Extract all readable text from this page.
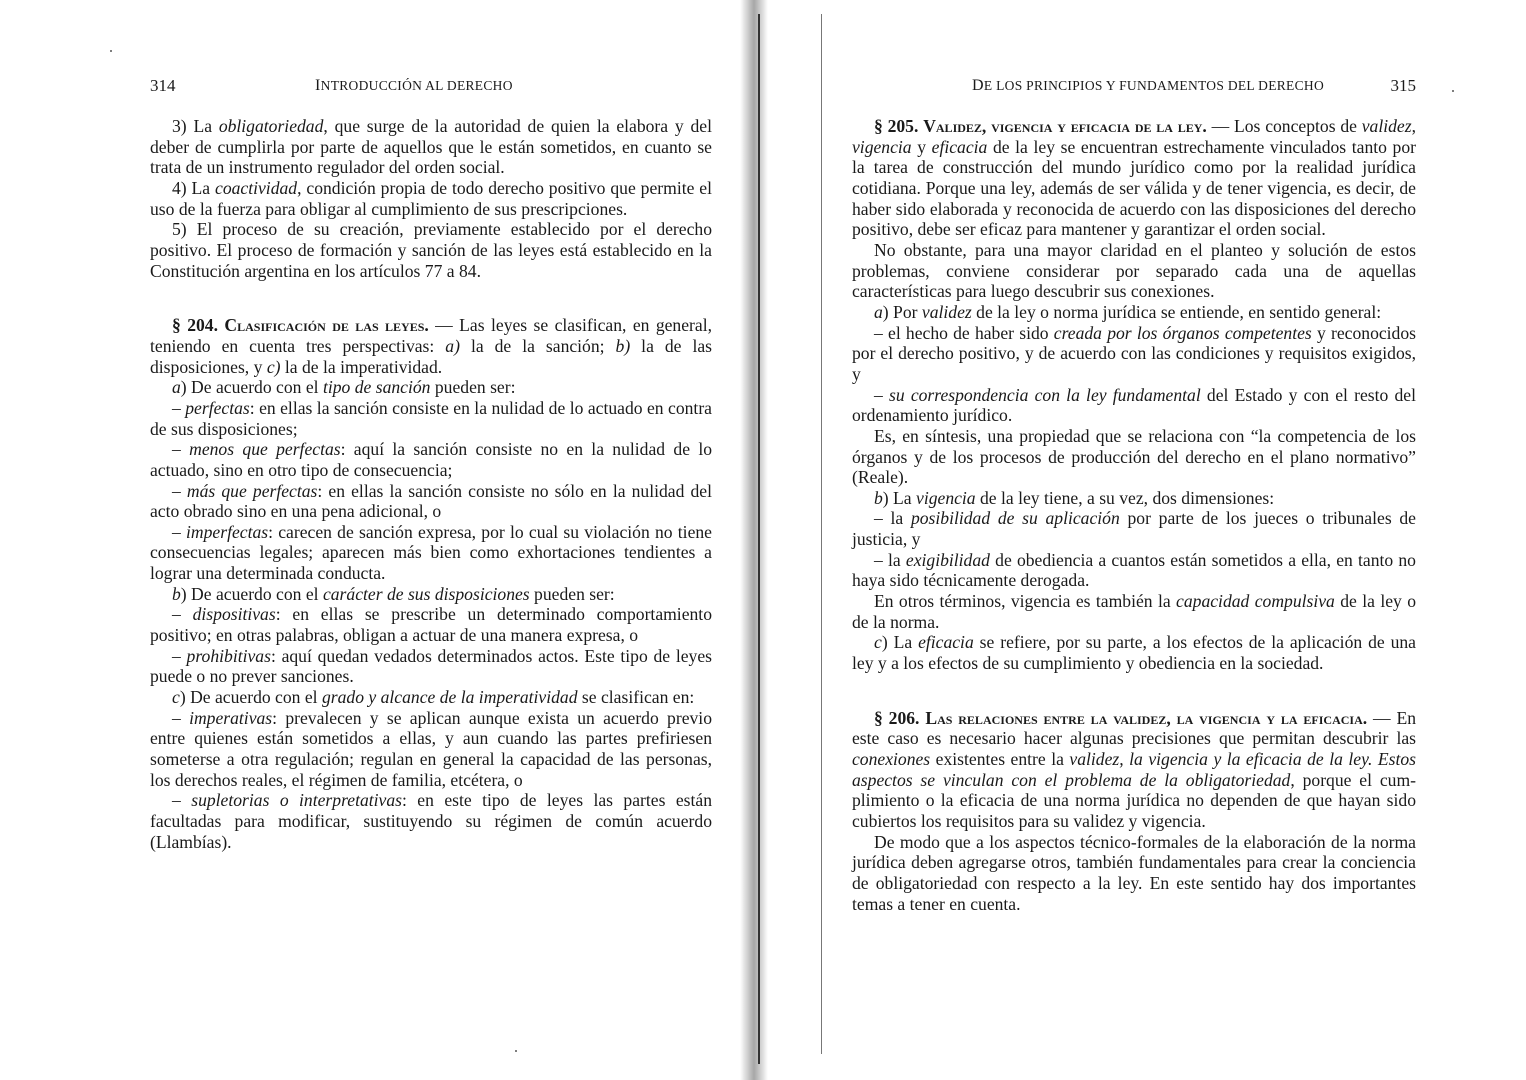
314	INTRODUCCIÓN AL DERECHO

3) La obligatoriedad, que surge de la autoridad de quien la elabora y del deber de cumplirla por parte de aquellos que le están sometidos, en cuanto se trata de un instrumento regulador del orden social.

4) La coactividad, condición propia de todo derecho positivo que permite el uso de la fuerza para obligar al cumplimiento de sus prescripciones.

5) El proceso de su creación, previamente establecido por el derecho positivo. El proceso de formación y sanción de las leyes está establecido en la Constitución argentina en los artículos 77 a 84.

§ 204. Clasificación de las leyes. — Las leyes se clasifican, en general, teniendo en cuenta tres perspectivas: a) la de la sanción; b) la de las disposiciones, y c) la de la imperatividad.

a) De acuerdo con el tipo de sanción pueden ser:

– perfectas: en ellas la sanción consiste en la nulidad de lo actuado en contra de sus disposiciones;

– menos que perfectas: aquí la sanción consiste no en la nulidad de lo actuado, sino en otro tipo de consecuencia;

– más que perfectas: en ellas la sanción consiste no sólo en la nulidad del acto obrado sino en una pena adicional, o

– imperfectas: carecen de sanción expresa, por lo cual su violación no tiene consecuencias legales; aparecen más bien como exhortaciones tendientes a lograr una determinada conducta.

b) De acuerdo con el carácter de sus disposiciones pueden ser:

– dispositivas: en ellas se prescribe un determinado comportamiento positivo; en otras palabras, obligan a actuar de una manera expresa, o

– prohibitivas: aquí quedan vedados determinados actos. Este tipo de leyes puede o no prever sanciones.

c) De acuerdo con el grado y alcance de la imperatividad se clasifican en:

– imperativas: prevalecen y se aplican aunque exista un acuerdo previo entre quienes están sometidos a ellas, y aun cuando las partes prefiriesen someterse a otra regulación; regulan en general la capacidad de las personas, los derechos reales, el régimen de familia, etcétera, o

– supletorias o interpretativas: en este tipo de leyes las partes están facultadas para modificar, sustituyendo su régimen de común acuerdo (Llambías).

DE LOS PRINCIPIOS Y FUNDAMENTOS DEL DERECHO	315

§ 205. Validez, vigencia y eficacia de la ley. — Los conceptos de validez, vigencia y eficacia de la ley se encuentran estrechamente vinculados tanto por la tarea de construcción del mundo jurídico como por la realidad jurídica cotidiana. Porque una ley, además de ser válida y de tener vigencia, es decir, de haber sido elaborada y reconocida de acuerdo con las disposiciones del derecho positivo, debe ser eficaz para mantener y garantizar el orden social.

No obstante, para una mayor claridad en el planteo y solución de estos problemas, conviene considerar por separado cada una de aquellas características para luego descubrir sus conexiones.

a) Por validez de la ley o norma jurídica se entiende, en sentido general:

– el hecho de haber sido creada por los órganos competentes y reconocidos por el derecho positivo, y de acuerdo con las condiciones y requisitos exigidos, y

– su correspondencia con la ley fundamental del Estado y con el resto del ordenamiento jurídico.

Es, en síntesis, una propiedad que se relaciona con “la competencia de los órganos y de los procesos de producción del derecho en el plano normativo” (Reale).

b) La vigencia de la ley tiene, a su vez, dos dimensiones:

– la posibilidad de su aplicación por parte de los jueces o tribunales de justicia, y

– la exigibilidad de obediencia a cuantos están sometidos a ella, en tanto no haya sido técnicamente derogada.

En otros términos, vigencia es también la capacidad compulsiva de la ley o de la norma.

c) La eficacia se refiere, por su parte, a los efectos de la aplicación de una ley y a los efectos de su cumplimiento y obediencia en la sociedad.

§ 206. Las relaciones entre la validez, la vigencia y la eficacia. — En este caso es necesario hacer algunas precisiones que permitan descubrir las conexiones existentes entre la validez, la vigencia y la eficacia de la ley. Estos aspectos se vinculan con el problema de la obligatoriedad, porque el cumplimiento o la eficacia de una norma jurídica no dependen de que hayan sido cubiertos los requisitos para su validez y vigencia.

De modo que a los aspectos técnico-formales de la elaboración de la norma jurídica deben agregarse otros, también fundamentales para crear la conciencia de obligatoriedad con respecto a la ley. En este sentido hay dos importantes temas a tener en cuenta.
